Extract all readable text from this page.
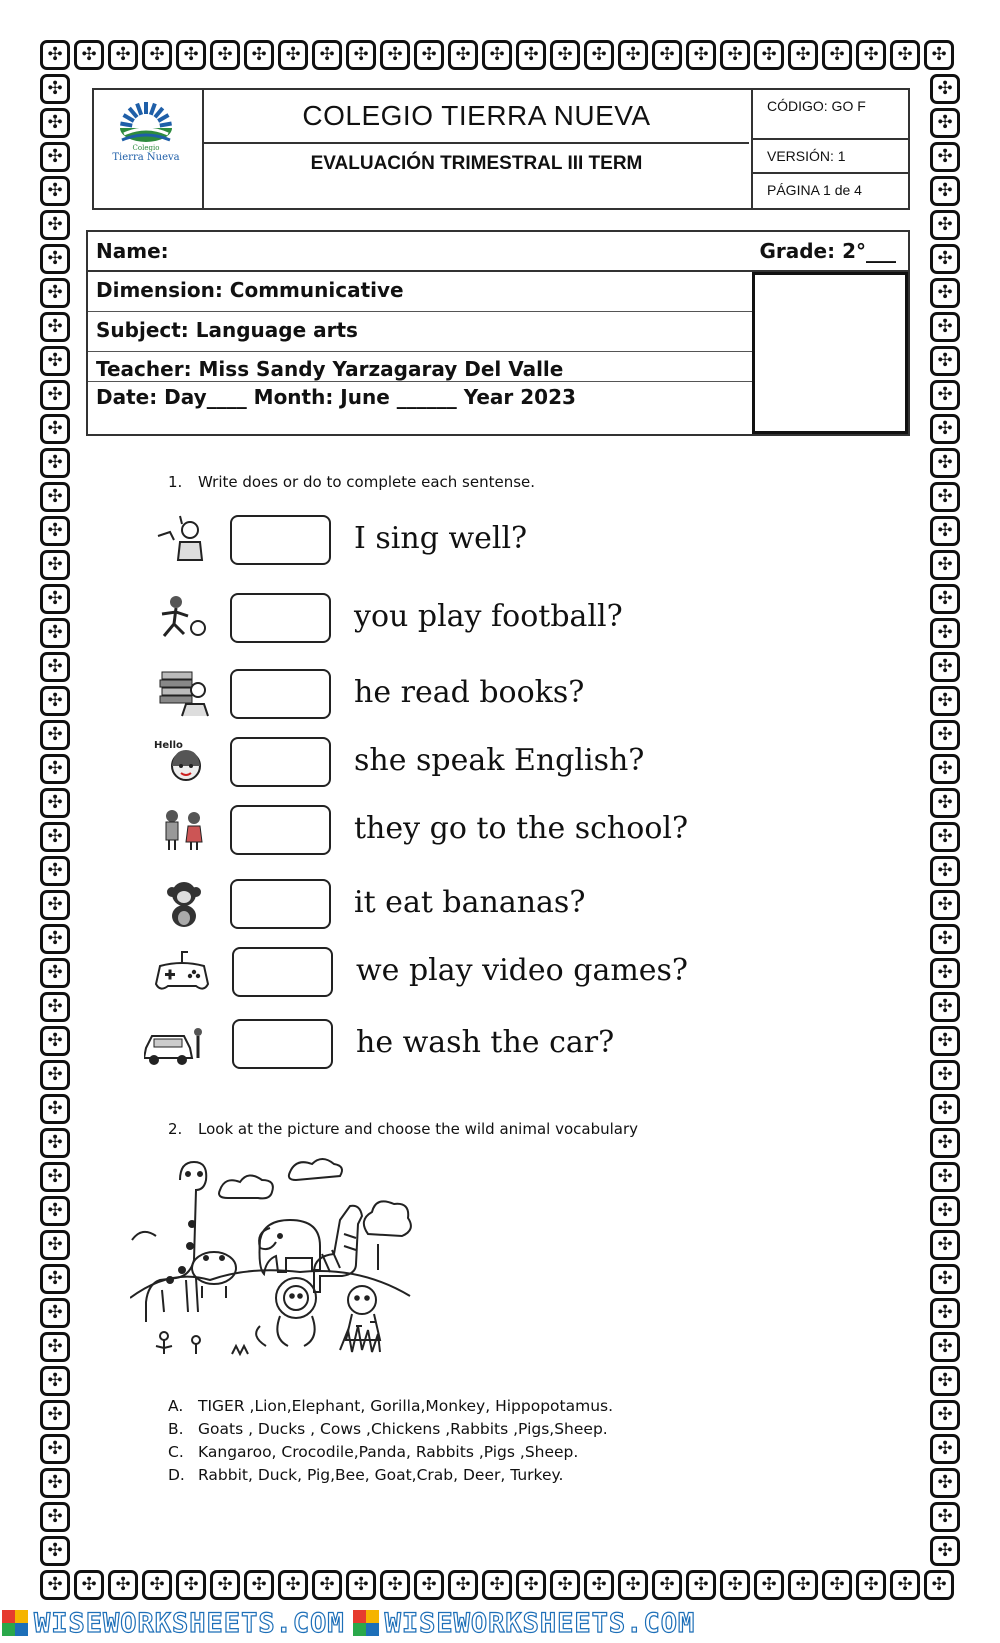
✣	✣	✣	✣	✣	✣	✣	✣	✣	✣	✣	✣	✣	✣	✣	✣	✣	✣	✣	✣	✣	✣	✣	✣	✣	✣	✣
✣	✣	✣	✣	✣	✣	✣	✣	✣	✣	✣	✣	✣	✣	✣	✣	✣	✣	✣	✣	✣	✣	✣	✣	✣	✣	✣
✣
✣
✣
✣
✣
✣
✣
✣
✣
✣
✣
✣
✣
✣
✣
✣
✣
✣
✣
✣
✣
✣
✣
✣
✣
✣
✣
✣
✣
✣
✣
✣
✣
✣
✣
✣
✣
✣
✣
✣
✣
✣
✣
✣
✣
✣
✣
✣
✣
✣
✣
✣
✣
✣
✣
✣
✣
✣
✣
✣
✣
✣
✣
✣
✣
✣
✣
✣
✣
✣
✣
✣
✣
✣
✣
✣
✣
✣
✣
✣
✣
✣
✣
✣
✣
✣
✣
✣
Colegio
Tierra Nueva
COLEGIO TIERRA NUEVA
EVALUACIÓN TRIMESTRAL III TERM
CÓDIGO: GO F
VERSIÓN: 1
PÁGINA 1 de 4
Name:	Grade: 2°___
Dimension: Communicative
Subject: Language arts
Teacher: Miss Sandy Yarzagaray Del Valle
Date: Day____ Month: June ______ Year 2023
1. Write does or do to complete each sentense.
I sing well?
you play football?
he read books?
Hello	she speak English?
they go to the school?
it eat bananas?
we play video games?
he wash the car?
2. Look at the picture and choose the wild animal vocabulary
A. TIGER ,Lion,Elephant, Gorilla,Monkey, Hippopotamus.
B. Goats , Ducks , Cows ,Chickens ,Rabbits ,Pigs,Sheep.
C. Kangaroo, Crocodile,Panda, Rabbits ,Pigs ,Sheep.
D. Rabbit, Duck, Pig,Bee, Goat,Crab, Deer, Turkey.
WISEWORKSHEETS.COM WISEWORKSHEETS.COM
